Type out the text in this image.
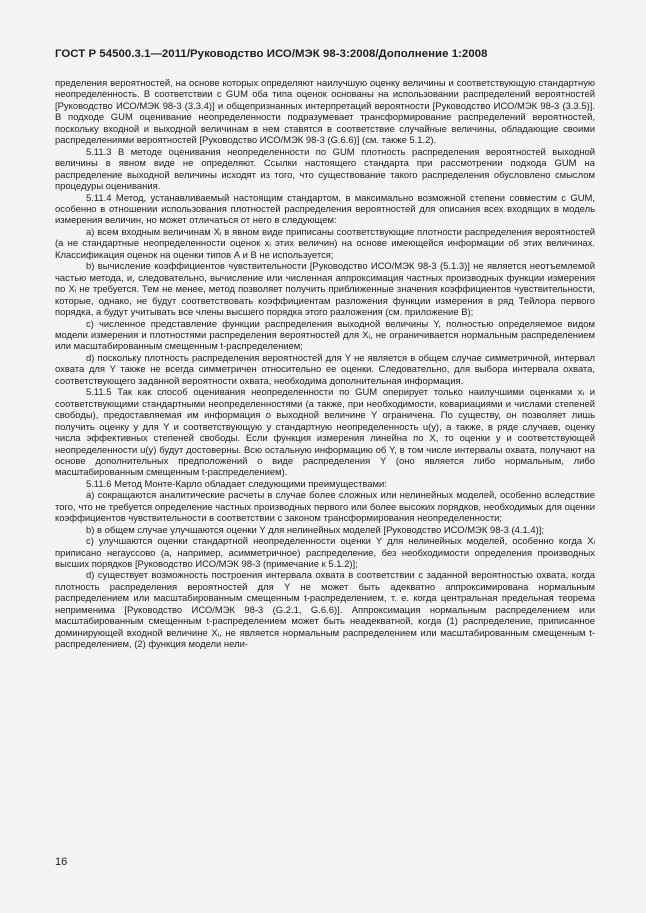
ГОСТ Р 54500.3.1—2011/Руководство ИСО/МЭК 98-3:2008/Дополнение 1:2008

пределения вероятностей, на основе которых определяют наилучшую оценку величины и соответствующую стандартную неопределенность. В соответствии с GUM оба типа оценок основаны на использовании распределений вероятностей [Руководство ИСО/МЭК 98-3 (3.3.4)] и общепризнанных интерпретаций вероятности [Руководство ИСО/МЭК 98-3 (3.3.5)]. В подходе GUM оценивание неопределенности подразумевает трансформирование распределений вероятностей, поскольку входной и выходной величинам в нем ставятся в соответствие случайные величины, обладающие своими распределениями вероятностей [Руководство ИСО/МЭК 98-3 (G.6.6)] (см. также 5.1.2).

5.11.3 В методе оценивания неопределенности по GUM плотность распределения вероятностей выходной величины в явном виде не определяют. Ссылки настоящего стандарта при рассмотрении подхода GUM на распределение выходной величины исходят из того, что существование такого распределения обусловлено смыслом процедуры оценивания.

5.11.4 Метод, устанавливаемый настоящим стандартом, в максимально возможной степени совместим с GUM, особенно в отношении использования плотностей распределения вероятностей для описания всех входящих в модель измерения величин, но может отличаться от него в следующем:

а) всем входным величинам Xᵢ в явном виде приписаны соответствующие плотности распределения вероятностей (а не стандартные неопределенности оценок xᵢ этих величин) на основе имеющейся информации об этих величинах. Классификация оценок на оценки типов А и В не используется;

b) вычисление коэффициентов чувствительности [Руководство ИСО/МЭК 98-3 (5.1.3)] не является неотъемлемой частью метода, и, следовательно, вычисление или численная аппроксимация частных производных функции измерения по Xᵢ не требуется. Тем не менее, метод позволяет получить приближенные значения коэффициентов чувствительности, которые, однако, не будут соответствовать коэффициентам разложения функции измерения в ряд Тейлора первого порядка, а будут учитывать все члены высшего порядка этого разложения (см. приложение В);

с) численное представление функции распределения выходной величины Y, полностью определяемое видом модели измерения и плотностями распределения вероятностей для Xᵢ, не ограничивается нормальным распределением или масштабированным смещенным t-распределением;

d) поскольку плотность распределения вероятностей для Y не является в общем случае симметричной, интервал охвата для Y также не всегда симметричен относительно ее оценки. Следовательно, для выбора интервала охвата, соответствующего заданной вероятности охвата, необходима дополнительная информация.

5.11.5 Так как способ оценивания неопределенности по GUM оперирует только наилучшими оценками xᵢ и соответствующими стандартными неопределенностями (а также, при необходимости, ковариациями и числами степеней свободы), предоставляемая им информация о выходной величине Y ограничена. По существу, он позволяет лишь получить оценку y для Y и соответствующую у стандартную неопределенность u(y), а также, в ряде случаев, оценку числа эффективных степеней свободы. Если функция измерения линейна по X, то оценки y и соответствующей неопределенности u(y) будут достоверны. Всю остальную информацию об Y, в том числе интервалы охвата, получают на основе дополнительных предположений о виде распределения Y (оно является либо нормальным, либо масштабированным смещенным t-распределением).

5.11.6 Метод Монте-Карло обладает следующими преимуществами:

а) сокращаются аналитические расчеты в случае более сложных или нелинейных моделей, особенно вследствие того, что не требуется определение частных производных первого или более высоких порядков, необходимых для оценки коэффициентов чувствительности в соответствии с законом трансформирования неопределенности;

b) в общем случае улучшаются оценки Y для нелинейных моделей [Руководство ИСО/МЭК 98-3 (4.1.4)];

с) улучшаются оценки стандартной неопределенности оценки Y для нелинейных моделей, особенно когда Xᵢ приписано негауссово (а, например, асимметричное) распределение, без необходимости определения производных высших порядков [Руководство ИСО/МЭК 98-3 (примечание к 5.1.2)];

d) существует возможность построения интервала охвата в соответствии с заданной вероятностью охвата, когда плотность распределения вероятностей для Y не может быть адекватно аппроксимирована нормальным распределением или масштабированным смещенным t-распределением, т. е. когда центральная предельная теорема неприменима [Руководство ИСО/МЭК 98-3 (G.2.1, G.6.6)]. Аппроксимация нормальным распределением или масштабированным смещенным t-распределением может быть неадекватной, когда (1) распределение, приписанное доминирующей входной величине Xᵢ, не является нормальным распределением или масштабированным смещенным t-распределением, (2) функция модели нели-

16
